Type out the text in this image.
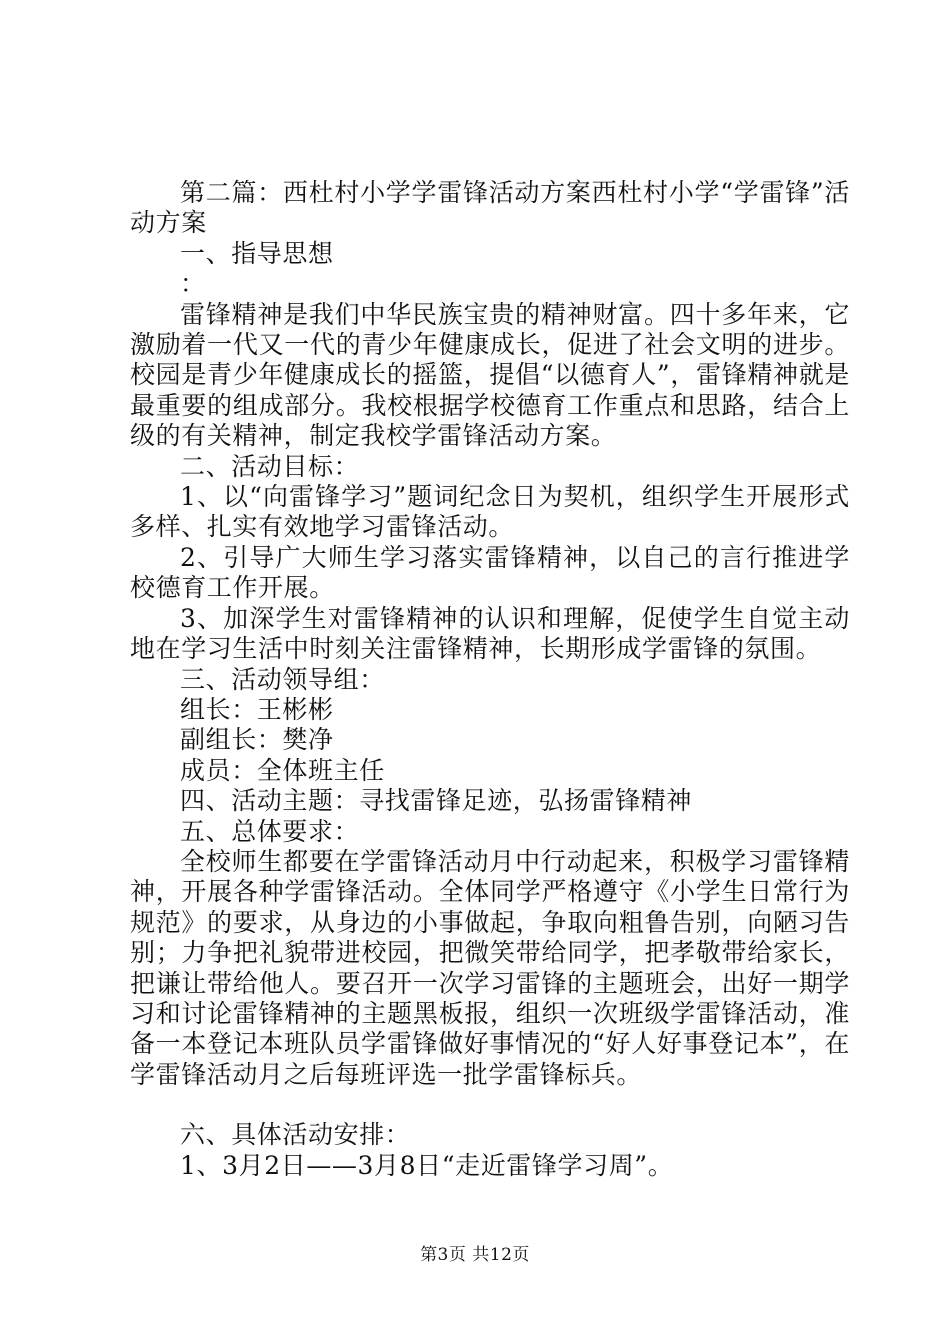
第二篇：西杜村小学学雷锋活动方案西杜村小学“学雷锋”活动方案

一、指导思想

：

雷锋精神是我们中华民族宝贵的精神财富。四十多年来，它激励着一代又一代的青少年健康成长，促进了社会文明的进步。校园是青少年健康成长的摇篮，提倡“以德育人”，雷锋精神就是最重要的组成部分。我校根据学校德育工作重点和思路，结合上级的有关精神，制定我校学雷锋活动方案。

二、活动目标：

1、以“向雷锋学习”题词纪念日为契机，组织学生开展形式多样、扎实有效地学习雷锋活动。

2、引导广大师生学习落实雷锋精神，以自己的言行推进学校德育工作开展。

3、加深学生对雷锋精神的认识和理解，促使学生自觉主动地在学习生活中时刻关注雷锋精神，长期形成学雷锋的氛围。

三、活动领导组：

组长：王彬彬

副组长：樊净

成员：全体班主任

四、活动主题：寻找雷锋足迹，弘扬雷锋精神

五、总体要求：

全校师生都要在学雷锋活动月中行动起来，积极学习雷锋精神，开展各种学雷锋活动。全体同学严格遵守《小学生日常行为规范》的要求，从身边的小事做起，争取向粗鲁告别，向陋习告别；力争把礼貌带进校园，把微笑带给同学，把孝敬带给家长，把谦让带给他人。要召开一次学习雷锋的主题班会，出好一期学习和讨论雷锋精神的主题黑板报，组织一次班级学雷锋活动，准备一本登记本班队员学雷锋做好事情况的“好人好事登记本”，在学雷锋活动月之后每班评选一批学雷锋标兵。

六、具体活动安排：

1、3月2日——3月8日“走近雷锋学习周”。

第3页 共12页
